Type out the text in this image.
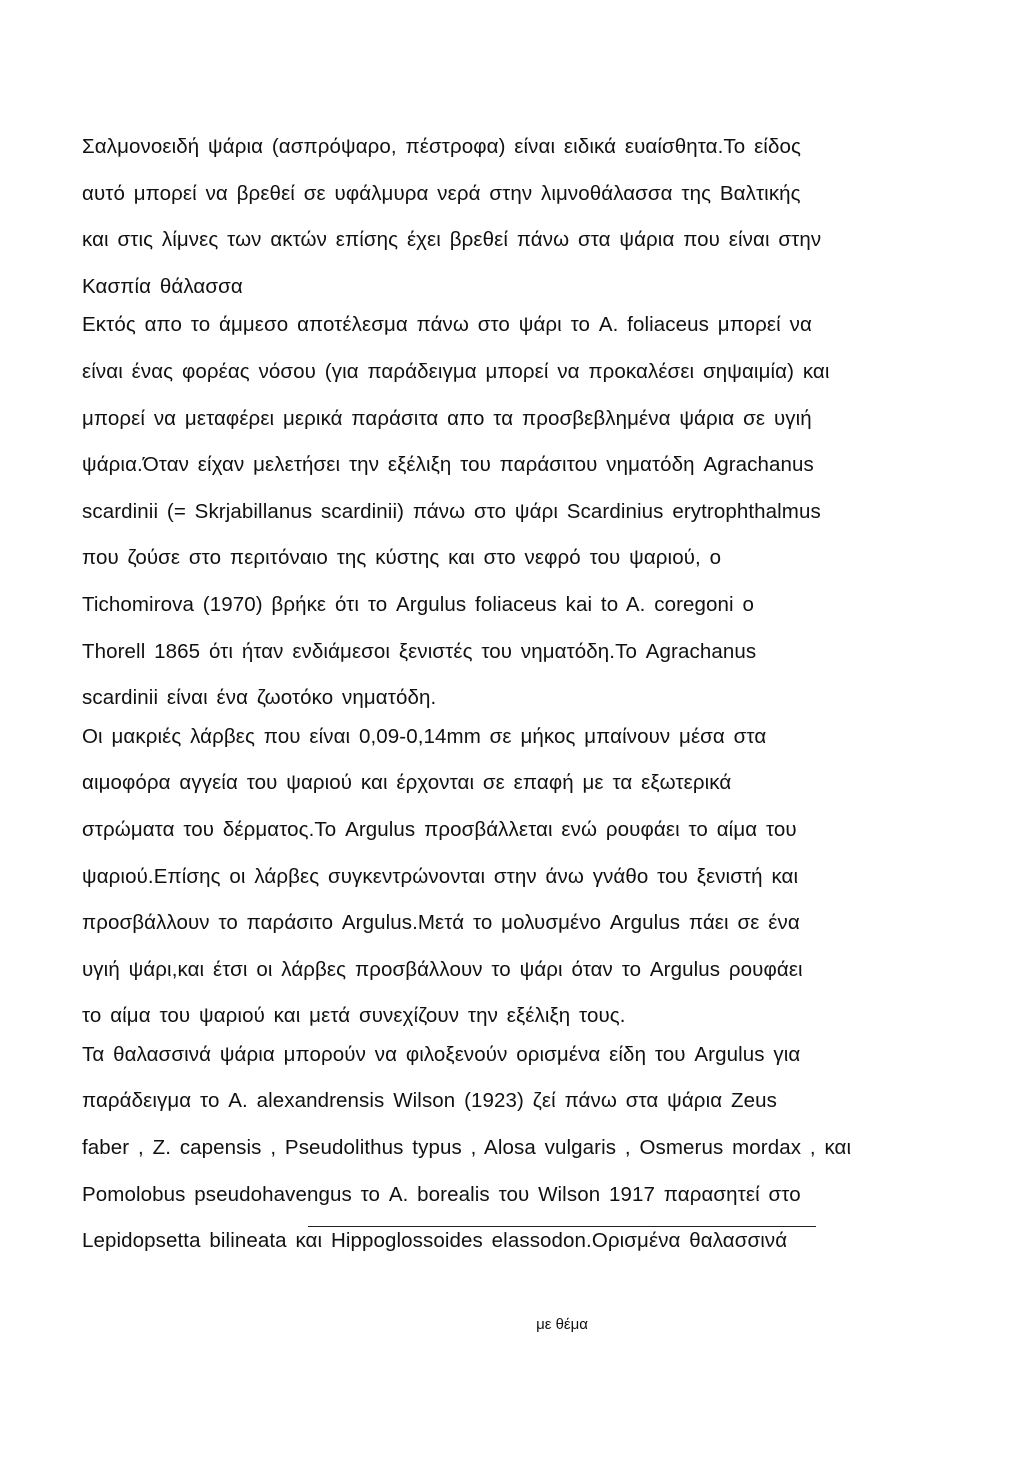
Σαλμονοειδή ψάρια (ασπρόψαρο, πέστροφα) είναι ειδικά ευαίσθητα.Το είδος
αυτό μπορεί να βρεθεί σε υφάλμυρα νερά στην λιμνοθάλασσα της Βαλτικής
και στις λίμνες των ακτών επίσης έχει βρεθεί πάνω στα ψάρια που είναι στην
Κασπία θάλασσα
Εκτός απο το άμμεσο αποτέλεσμα πάνω στο ψάρι το A. foliaceus μπορεί να
είναι ένας φορέας νόσου (για παράδειγμα μπορεί να προκαλέσει σηψαιμία) και
μπορεί να μεταφέρει μερικά παράσιτα απο τα προσβεβλημένα ψάρια σε υγιή
ψάρια.Όταν είχαν μελετήσει την εξέλιξη του παράσιτου νηματόδη Agrachanus
scardinii (= Skrjabillanus scardinii) πάνω στο ψάρι Scardinius erytrophthalmus
που ζούσε στο περιτόναιο της κύστης και στο νεφρό του ψαριού, ο
Tichomirova (1970) βρήκε ότι το Argulus foliaceus kai to A. coregoni o
Thorell 1865 ότι ήταν ενδιάμεσοι ξενιστές του νηματόδη.Το Agrachanus
scardinii είναι ένα ζωοτόκο νηματόδη.
Οι μακριές λάρβες που είναι 0,09-0,14mm σε μήκος μπαίνουν μέσα στα
αιμοφόρα αγγεία του ψαριού και έρχονται σε επαφή με τα εξωτερικά
στρώματα του δέρματος.Το Argulus προσβάλλεται ενώ ρουφάει το αίμα του
ψαριού.Επίσης οι λάρβες συγκεντρώνονται στην άνω γνάθο του ξενιστή και
προσβάλλουν το παράσιτο Argulus.Μετά το μολυσμένο Argulus πάει σε ένα
υγιή ψάρι,και έτσι οι λάρβες προσβάλλουν το ψάρι όταν το Argulus ρουφάει
το αίμα του ψαριού και μετά συνεχίζουν την εξέλιξη τους.
Τα θαλασσινά ψάρια μπορούν να φιλοξενούν ορισμένα είδη του Argulus για
παράδειγμα το A. alexandrensis Wilson (1923) ζεί πάνω στα ψάρια Zeus
faber , Z. capensis , Pseudolithus typus , Alosa vulgaris , Osmerus mordax , και
Pomolobus pseudohavengus το A. borealis του Wilson 1917 παρασητεί στο
Lepidopsetta bilineata και Hippoglossoides elassodon.Ορισμένα θαλασσινά
με θέμα
